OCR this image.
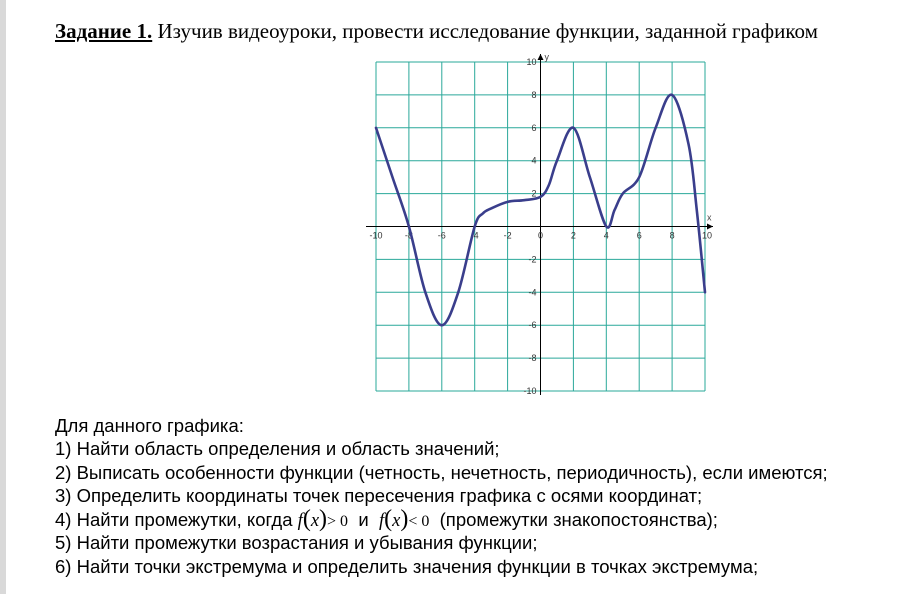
Задание 1. Изучив видеоуроки, провести исследование функции, заданной графиком
-10 -8	-6	-4	-2	0	2	4	6	8	10
10
8
6
4
2
-2
-4
-6
-8
-10
x
y
Для данного графика:
1) Найти область определения и область значений;
2) Выписать особенности функции (четность, нечетность, периодичность), если имеются;
3) Определить координаты точек пересечения графика с осями координат;
4) Найти промежутки, когда f(x)> 0  и  f(x)< 0  (промежутки знакопостоянства);
5) Найти промежутки возрастания и убывания функции;
6) Найти точки экстремума и определить значения функции в точках экстремума;
